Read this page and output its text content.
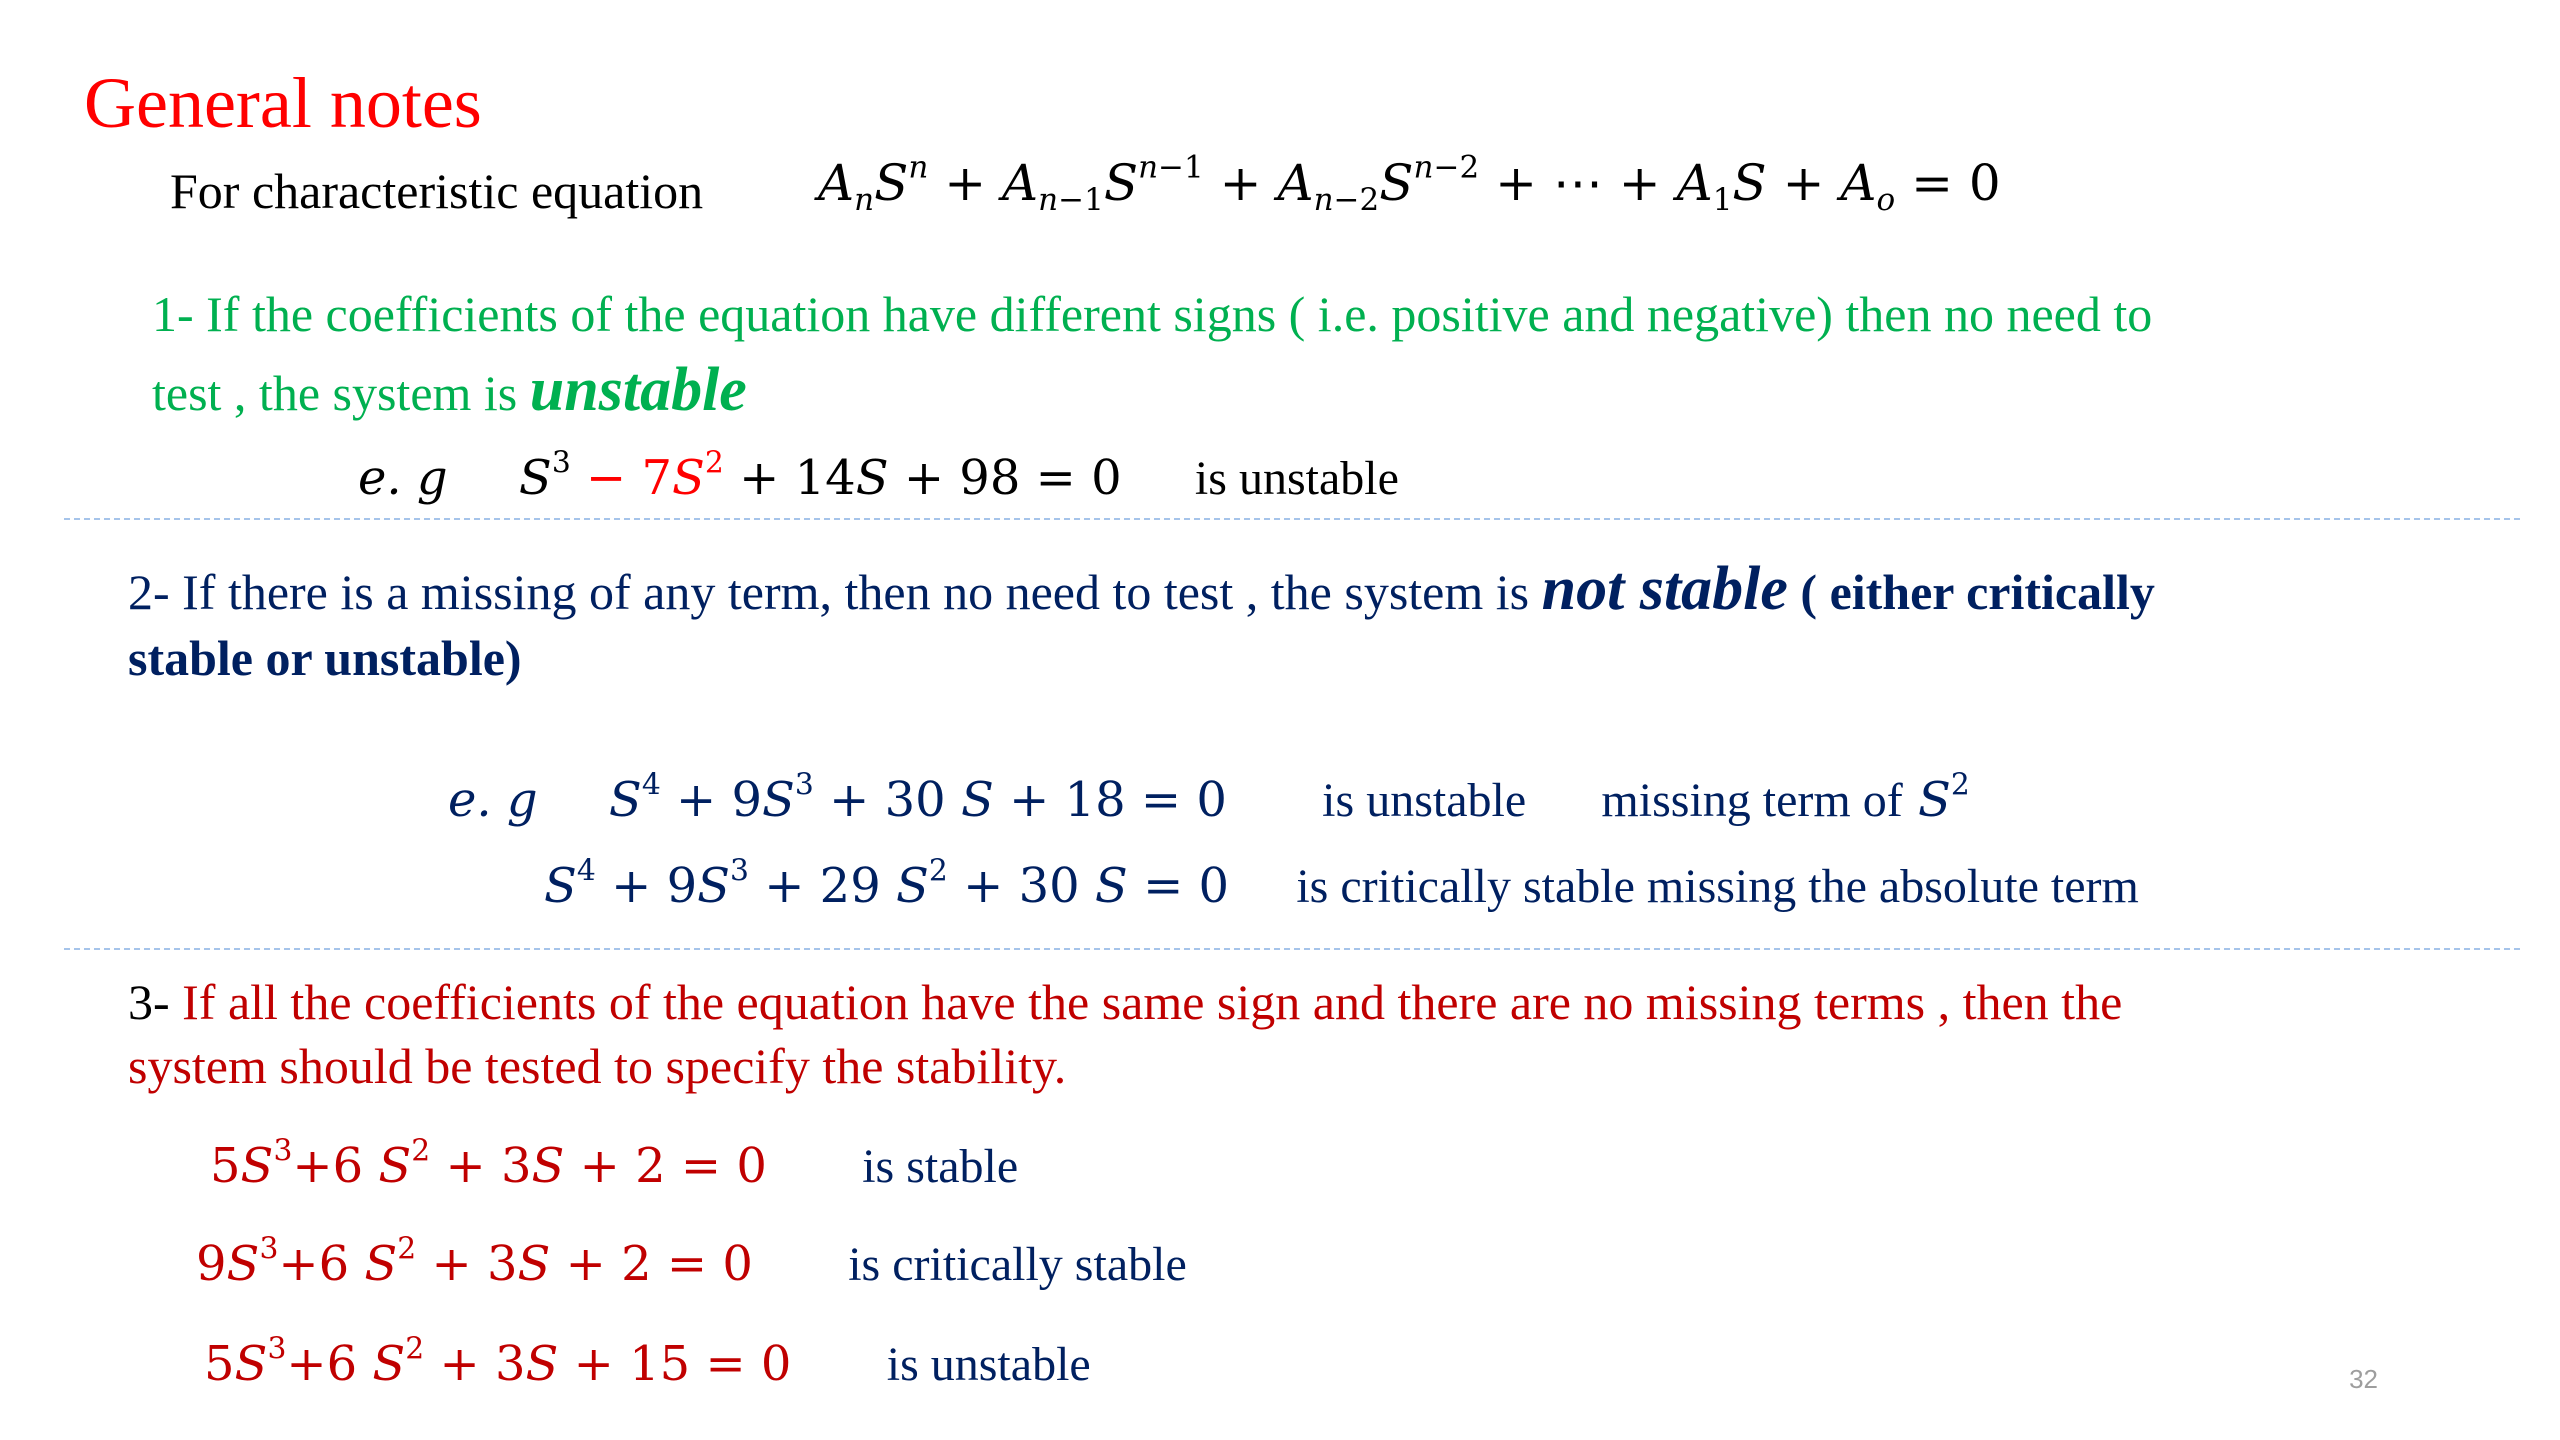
General notes
For characteristic equation $A_nS^n + A_{n-1}S^{n-1} + A_{n-2}S^{n-2}$ + ⋯ + $A_1S + A_o = 0$
1- If the coefficients of the equation have different signs ( i.e. positive and negative) then no need to
test , the system is unstable
e. g $S^3 - 7S^2 + 14S + 98 = 0$ is unstable
2- If there is a missing of any term, then no need to test , the system is not stable ( either critically
stable or unstable)
e. g $S^4 + 9S^3 + 30$ S + 18 = 0 is unstable missing term of $S^2$
$S^4 + 9S^3 + 29$ $S^2 + 30$ S = 0 is critically stable missing the absolute term
3- If all the coefficients of the equation have the same sign and there are no missing terms , then the
system should be tested to specify the stability.
$5S^3+6$ $S^2 + 3S + 2 = 0$ is stable
$9S^3+6$ $S^2 + 3S + 2 = 0$ is critically stable
$5S^3+6$ $S^2 + 3S + 15 = 0$ is unstable	32
